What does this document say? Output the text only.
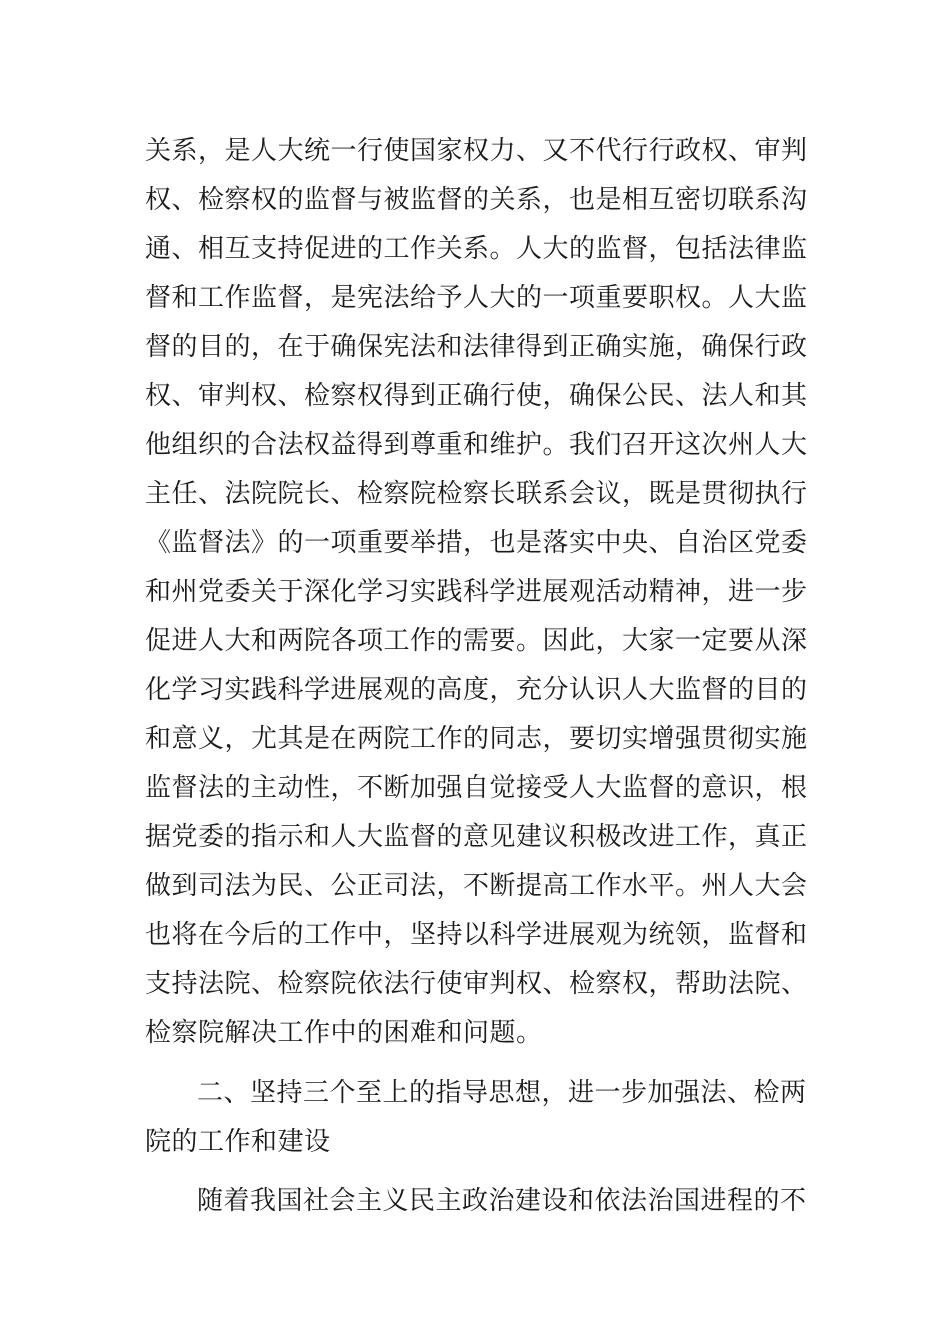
关系，是人大统一行使国家权力、又不代行行政权、审判
权、检察权的监督与被监督的关系，也是相互密切联系沟
通、相互支持促进的工作关系。人大的监督，包括法律监
督和工作监督，是宪法给予人大的一项重要职权。人大监
督的目的，在于确保宪法和法律得到正确实施，确保行政
权、审判权、检察权得到正确行使，确保公民、法人和其
他组织的合法权益得到尊重和维护。我们召开这次州人大
主任、法院院长、检察院检察长联系会议，既是贯彻执行
《监督法》的一项重要举措，也是落实中央、自治区党委
和州党委关于深化学习实践科学进展观活动精神，进一步
促进人大和两院各项工作的需要。因此，大家一定要从深
化学习实践科学进展观的高度，充分认识人大监督的目的
和意义，尤其是在两院工作的同志，要切实增强贯彻实施
监督法的主动性，不断加强自觉接受人大监督的意识，根
据党委的指示和人大监督的意见建议积极改进工作，真正
做到司法为民、公正司法，不断提高工作水平。州人大会
也将在今后的工作中，坚持以科学进展观为统领，监督和
支持法院、检察院依法行使审判权、检察权，帮助法院、
检察院解决工作中的困难和问题。
二、坚持三个至上的指导思想，进一步加强法、检两
院的工作和建设
随着我国社会主义民主政治建设和依法治国进程的不
